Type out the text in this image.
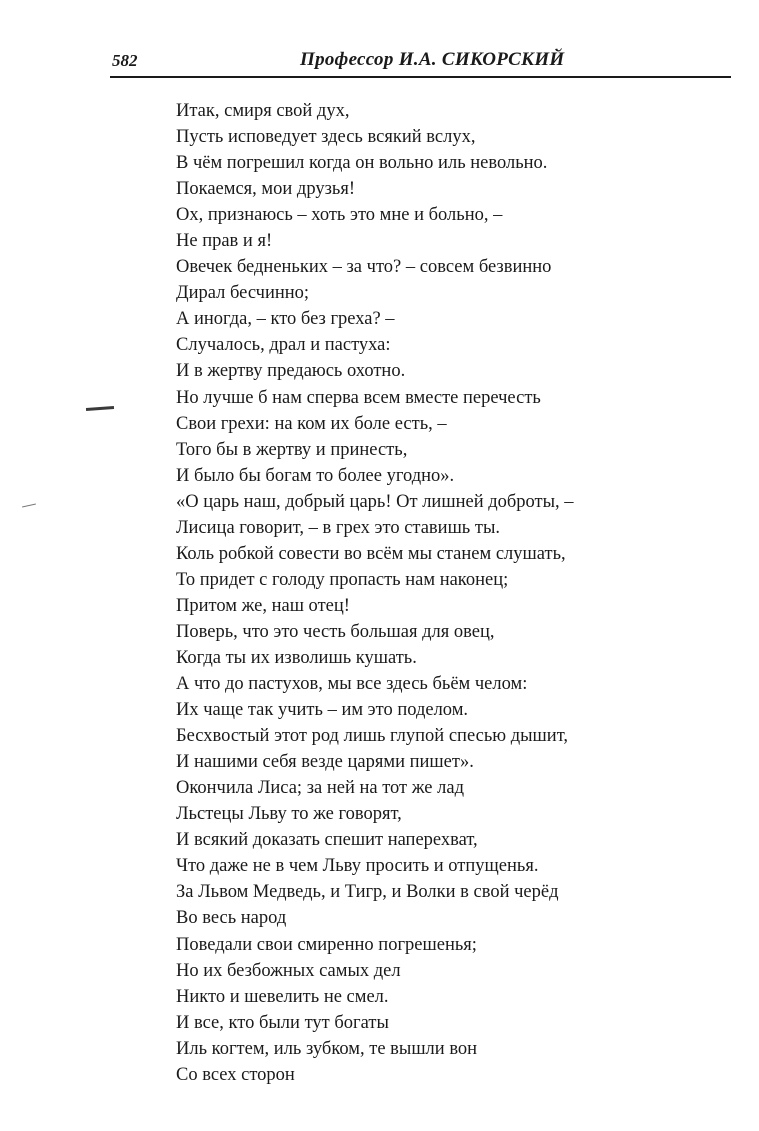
582	Профессор И.А. СИКОРСКИЙ
Итак, смиря свой дух,
Пусть исповедует здесь всякий вслух,
В чём погрешил когда он вольно иль невольно.
Покаемся, мои друзья!
Ох, признаюсь – хоть это мне и больно, –
Не прав и я!
Овечек бедненьких – за что? – совсем безвинно
Дирал бесчинно;
А иногда, – кто без греха? –
Случалось, драл и пастуха:
И в жертву предаюсь охотно.
Но лучше б нам сперва всем вместе перечесть
Свои грехи: на ком их боле есть, –
Того бы в жертву и принесть,
И было бы богам то более угодно».
«О царь наш, добрый царь! От лишней доброты, –
Лисица говорит, – в грех это ставишь ты.
Коль робкой совести во всём мы станем слушать,
То придет с голоду пропасть нам наконец;
Притом же, наш отец!
Поверь, что это честь большая для овец,
Когда ты их изволишь кушать.
А что до пастухов, мы все здесь бьём челом:
Их чаще так учить – им это поделом.
Бесхвостый этот род лишь глупой спесью дышит,
И нашими себя везде царями пишет».
Окончила Лиса; за ней на тот же лад
Льстецы Льву то же говорят,
И всякий доказать спешит наперехват,
Что даже не в чем Льву просить и отпущенья.
За Львом Медведь, и Тигр, и Волки в свой черёд
Во весь народ
Поведали свои смиренно погрешенья;
Но их безбожных самых дел
Никто и шевелить не смел.
И все, кто были тут богаты
Иль когтем, иль зубком, те вышли вон
Со всех сторон
